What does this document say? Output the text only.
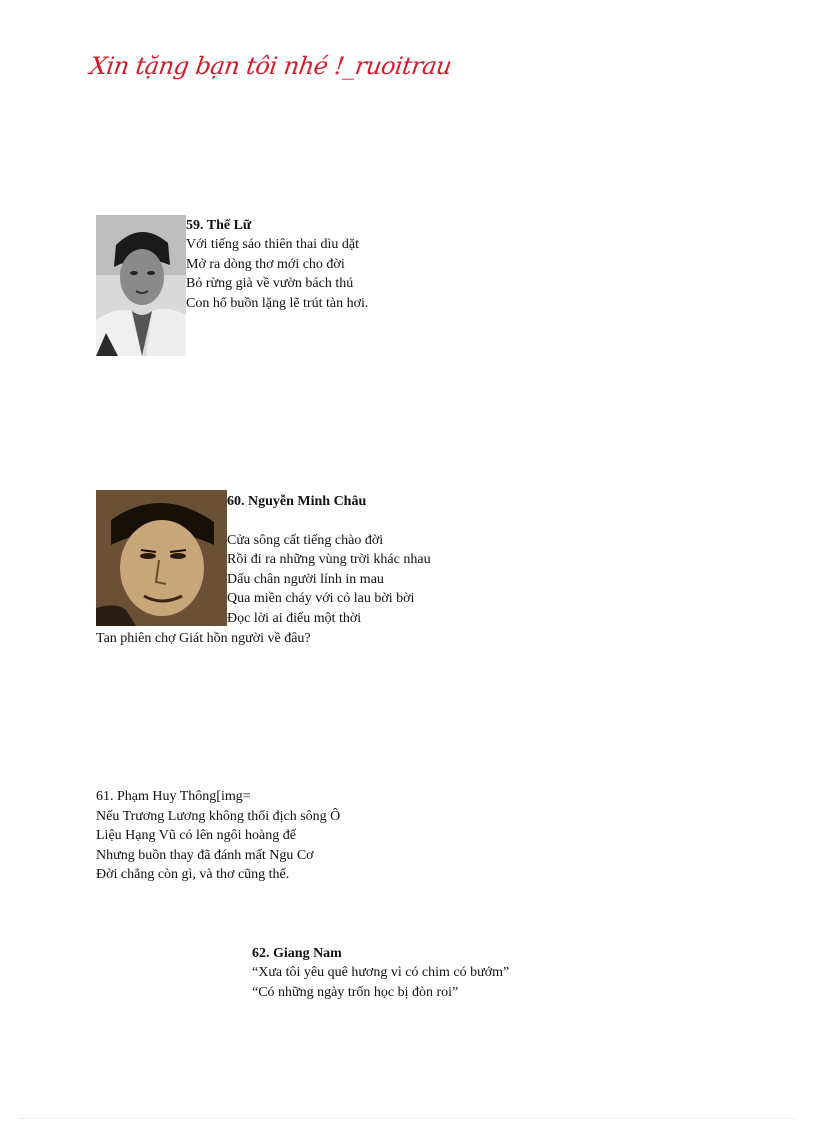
Xin tặng bạn tôi nhé !_ruoitrau
59. Thế Lữ
Với tiếng sáo thiên thai dìu dặt
Mở ra dòng thơ mới cho đời
Bỏ rừng già về vườn bách thú
Con hổ buồn lặng lẽ trút tàn hơi.
60. Nguyễn Minh Châu

Cửa sông cất tiếng chào đời
Rồi đi ra những vùng trời khác nhau
Dấu chân người lính in mau
Qua miền cháy với cỏ lau bời bời
Đọc lời ai điếu một thời
Tan phiên chợ Giát hồn người về đâu?
61. Phạm Huy Thông[img=
Nếu Trương Lương không thổi địch sông Ô
Liệu Hạng Vũ có lên ngôi hoàng đế
Nhưng buồn thay đã đánh mất Ngu Cơ
Đời chẳng còn gì, và thơ cũng thế.
62. Giang Nam
“Xưa tôi yêu quê hương vì có chim có bướm”
“Có những ngày trốn học bị đòn roi”
